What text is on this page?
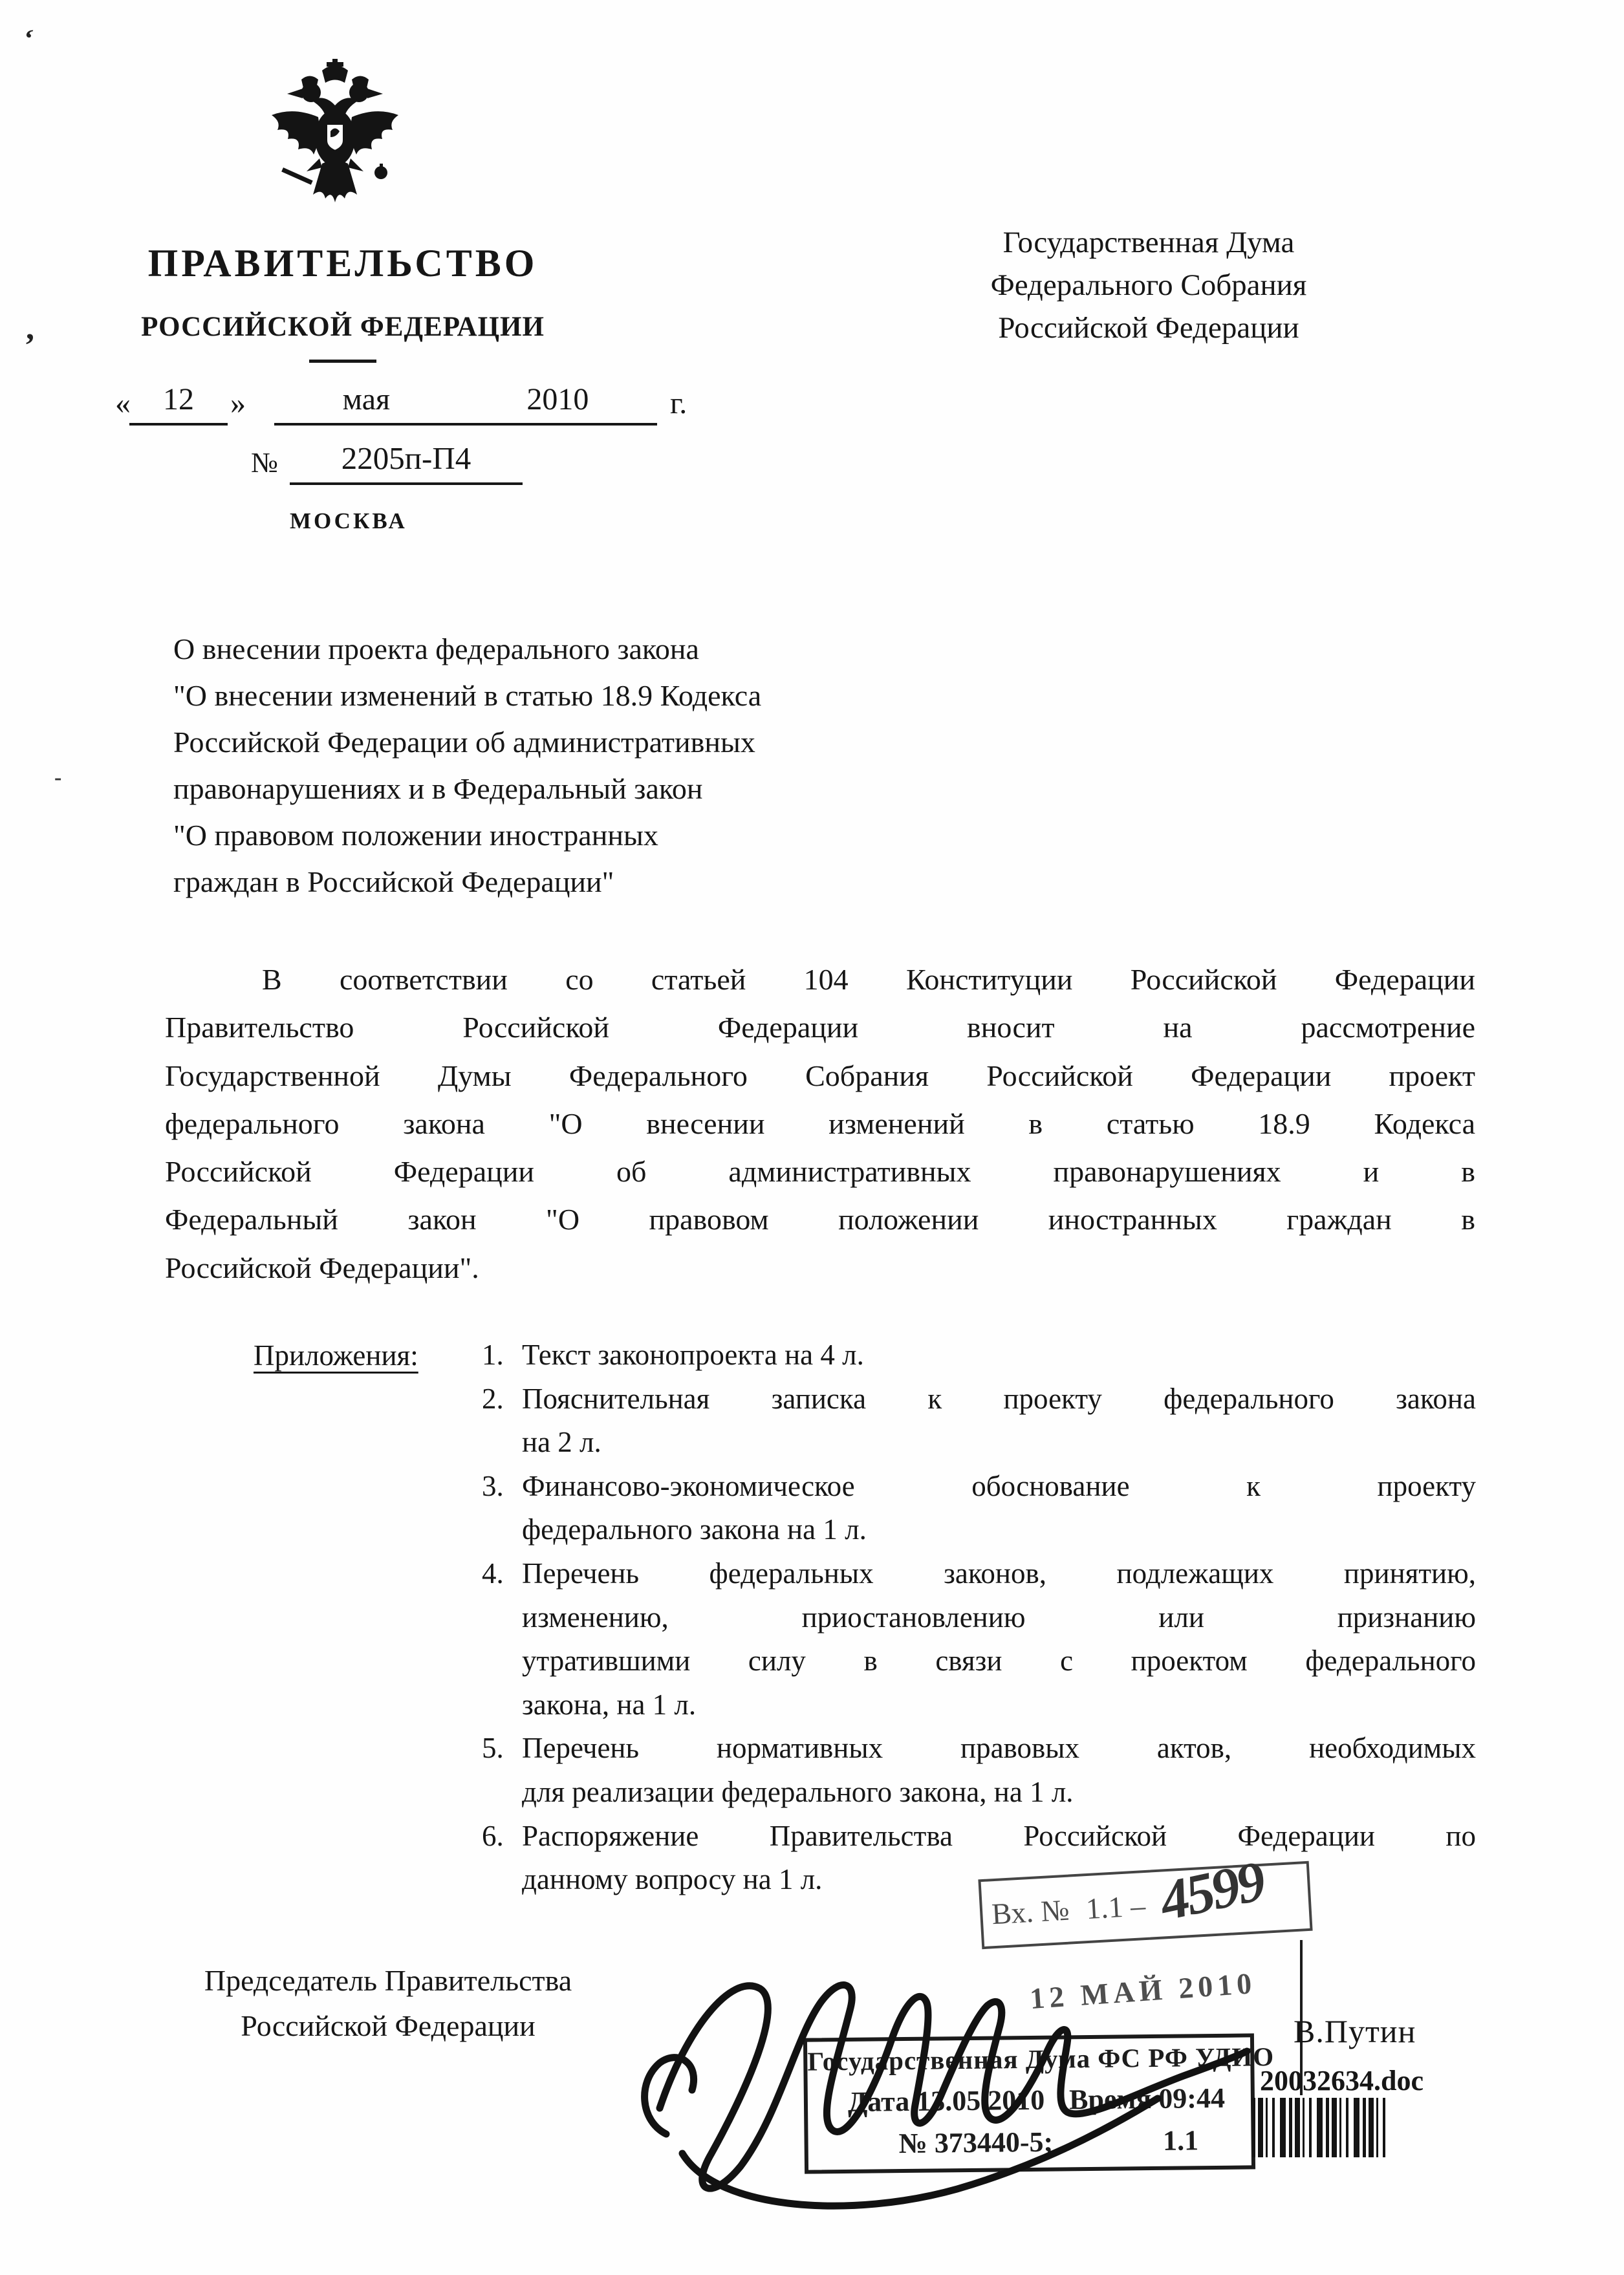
‘
,
-
ПРАВИТЕЛЬСТВО
РОССИЙСКОЙ ФЕДЕРАЦИИ
Государственная Дума
Федерального Собрания
Российской Федерации
«	12	»	мая	2010	г.
№	2205п-П4
МОСКВА
О внесении проекта федерального закона
"О внесении изменений в статью 18.9 Кодекса
Российской Федерации об административных
правонарушениях и в Федеральный закон
"О правовом положении иностранных
граждан в Российской Федерации"
В соответствии со статьей 104 Конституции Российской Федерации
Правительство Российской Федерации вносит на рассмотрение
Государственной Думы Федерального Собрания Российской Федерации проект
федерального закона "О внесении изменений в статью 18.9 Кодекса
Российской Федерации об административных правонарушениях и в
Федеральный закон "О правовом положении иностранных граждан в
Российской Федерации".
Приложения: 1. Текст законопроекта на 4 л.
2. Пояснительная записка к проекту федерального закона
на 2 л.
3. Финансово-экономическое обоснование к проекту
федерального закона на 1 л.
4. Перечень федеральных законов, подлежащих принятию,
изменению, приостановлению или признанию
утратившими силу в связи с проектом федерального
закона, на 1 л.
5. Перечень нормативных правовых актов, необходимых
для реализации федерального закона, на 1 л.
6. Распоряжение Правительства Российской Федерации по
данному вопросу на 1 л.
Председатель Правительства
Российской Федерации
Вх. № 1.1 – 4599
12 МАЙ 2010
Государственная Дума ФС РФ УДИО
Дата 13.05.2010 Время 09:44
№ 373440-5;	1.1
В.Путин
20032634.doc
